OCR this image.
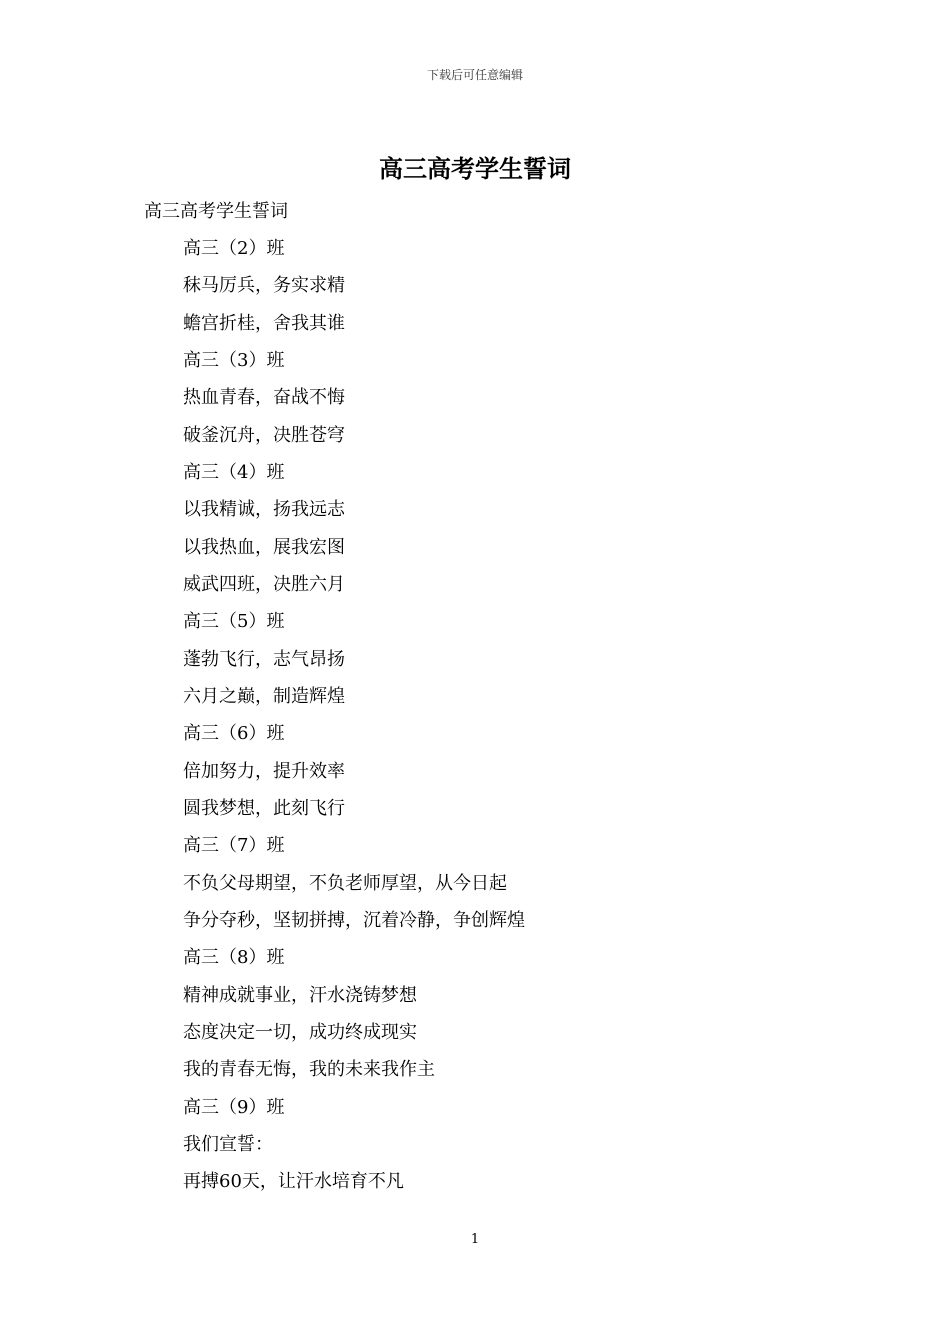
下载后可任意编辑
高三高考学生誓词

高三高考学生誓词

高三（2）班
秣马厉兵，务实求精
蟾宫折桂，舍我其谁
高三（3）班
热血青春，奋战不悔
破釜沉舟，决胜苍穹
高三（4）班
以我精诚，扬我远志
以我热血，展我宏图
威武四班，决胜六月
高三（5）班
蓬勃飞行，志气昂扬
六月之巅，制造辉煌
高三（6）班
倍加努力，提升效率
圆我梦想，此刻飞行
高三（7）班
不负父母期望，不负老师厚望，从今日起
争分夺秒，坚韧拼搏，沉着冷静，争创辉煌
高三（8）班
精神成就事业，汗水浇铸梦想
态度决定一切，成功终成现实
我的青春无悔，我的未来我作主
高三（9）班
我们宣誓：
再搏60天，让汗水培育不凡
1
